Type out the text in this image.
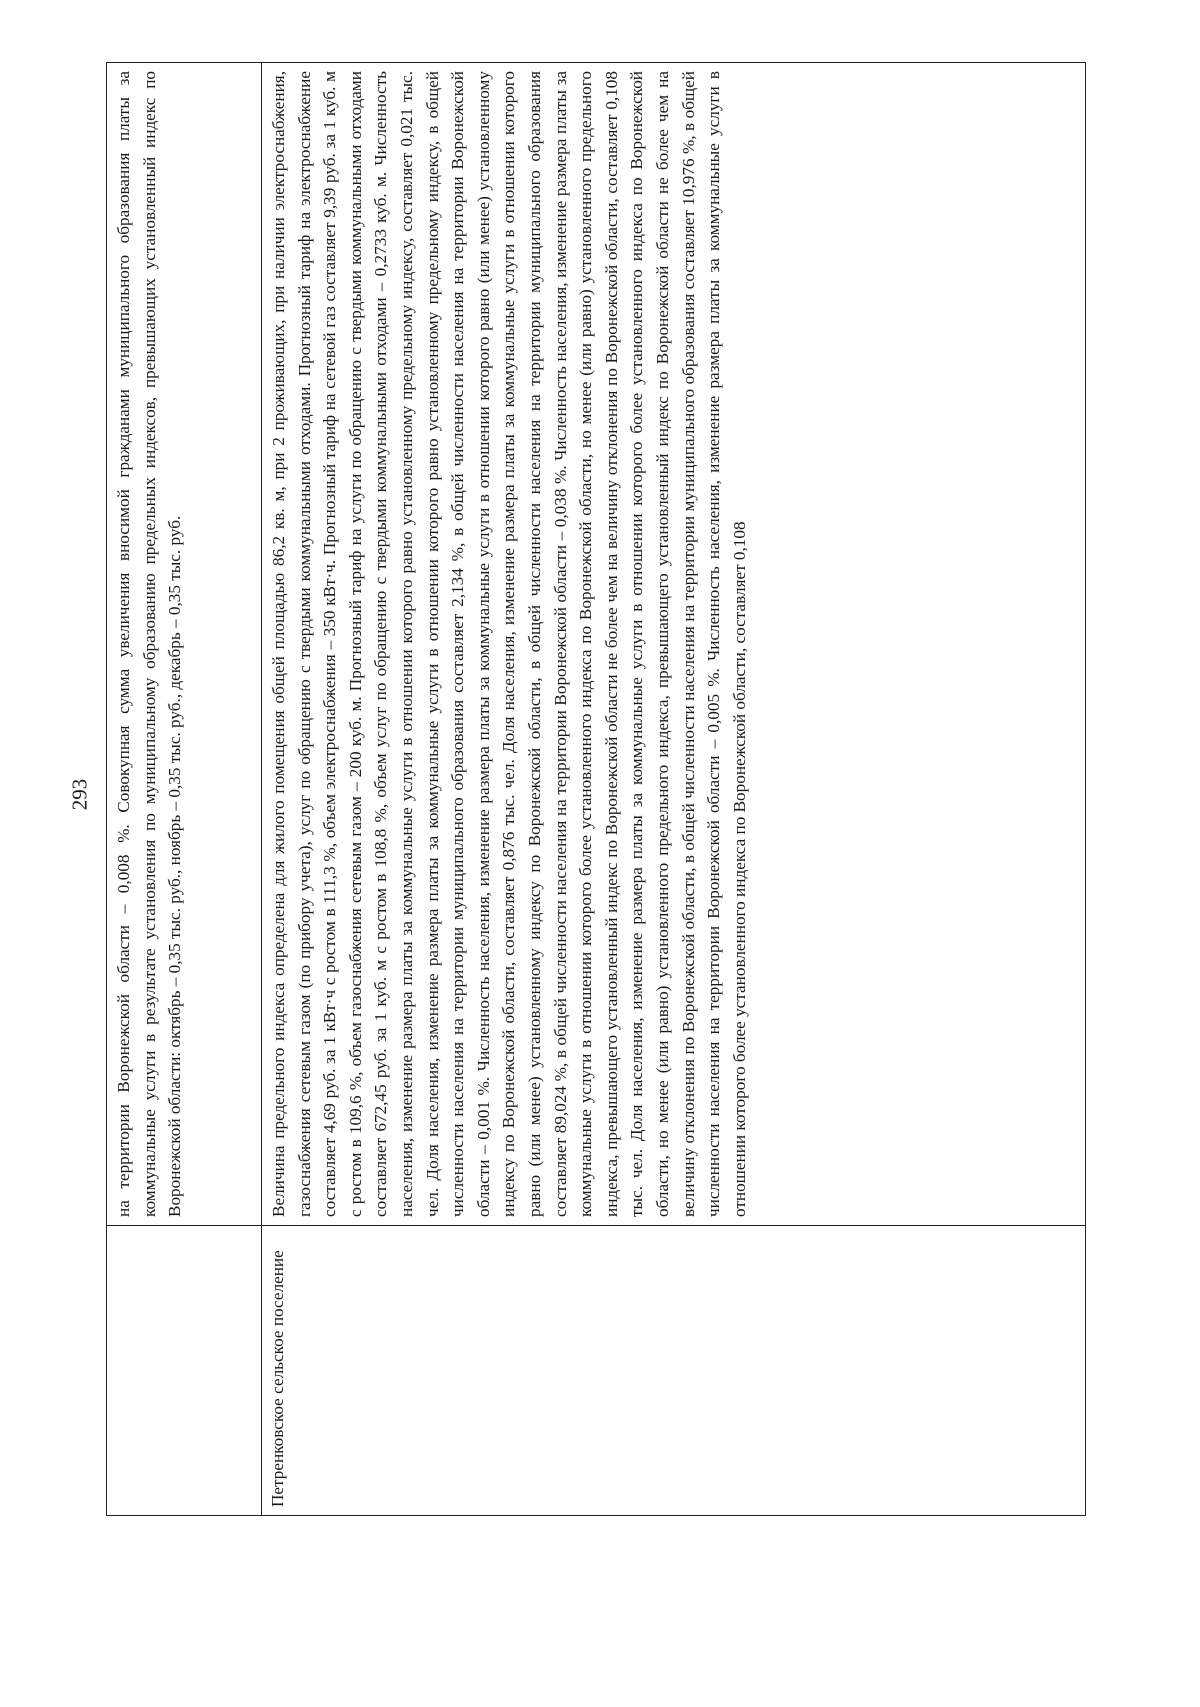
293	на территории Воронежской области – 0,008 %. Совокупная сумма увеличения вносимой гражданами муниципального образования платы за коммунальные услуги в результате установления по муниципальному образованию предельных индексов, превышающих установленный индекс по Воронежской области: октябрь – 0,35 тыс. руб., ноябрь – 0,35 тыс. руб., декабрь – 0,35 тыс. руб.
Петренковское сельское поселение
Величина предельного индекса определена для жилого помещения общей площадью 86,2 кв. м, при 2 проживающих, при наличии электроснабжения, газоснабжения сетевым газом (по прибору учета), услуг по обращению с твердыми коммунальными отходами. Прогнозный тариф на электроснабжение составляет 4,69 руб. за 1 кВт·ч с ростом в 111,3 %, объем электроснабжения – 350 кВт·ч. Прогнозный тариф на сетевой газ составляет 9,39 руб. за 1 куб. м с ростом в 109,6 %, объем газоснабжения сетевым газом – 200 куб. м. Прогнозный тариф на услуги по обращению с твердыми коммунальными отходами составляет 672,45 руб. за 1 куб. м с ростом в 108,8 %, объем услуг по обращению с твердыми коммунальными отходами – 0,2733 куб. м. Численность населения, изменение размера платы за коммунальные услуги в отношении которого равно установленному предельному индексу, составляет 0,021 тыс. чел. Доля населения, изменение размера платы за коммунальные услуги в отношении которого равно установленному предельному индексу, в общей численности населения на территории муниципального образования составляет 2,134 %, в общей численности населения на территории Воронежской области – 0,001 %. Численность населения, изменение размера платы за коммунальные услуги в отношении которого равно (или менее) установленному индексу по Воронежской области, составляет 0,876 тыс. чел. Доля населения, изменение размера платы за коммунальные услуги в отношении которого равно (или менее) установленному индексу по Воронежской области, в общей численности населения на территории муниципального образования составляет 89,024 %, в общей численности населения на территории Воронежской области – 0,038 %. Численность населения, изменение размера платы за коммунальные услуги в отношении которого более установленного индекса по Воронежской области, но менее (или равно) установленного предельного индекса, превышающего установленный индекс по Воронежской области не более чем на величину отклонения по Воронежской области, составляет 0,108 тыс. чел. Доля населения, изменение размера платы за коммунальные услуги в отношении которого более установленного индекса по Воронежской области, но менее (или равно) установленного предельного индекса, превышающего установленный индекс по Воронежской области не более чем на величину отклонения по Воронежской области, в общей численности населения на территории муниципального образования составляет 10,976 %, в общей численности населения на территории Воронежской области – 0,005 %. Численность населения, изменение размера платы за коммунальные услуги в отношении которого более установленного индекса по Воронежской области, составляет 0,108
